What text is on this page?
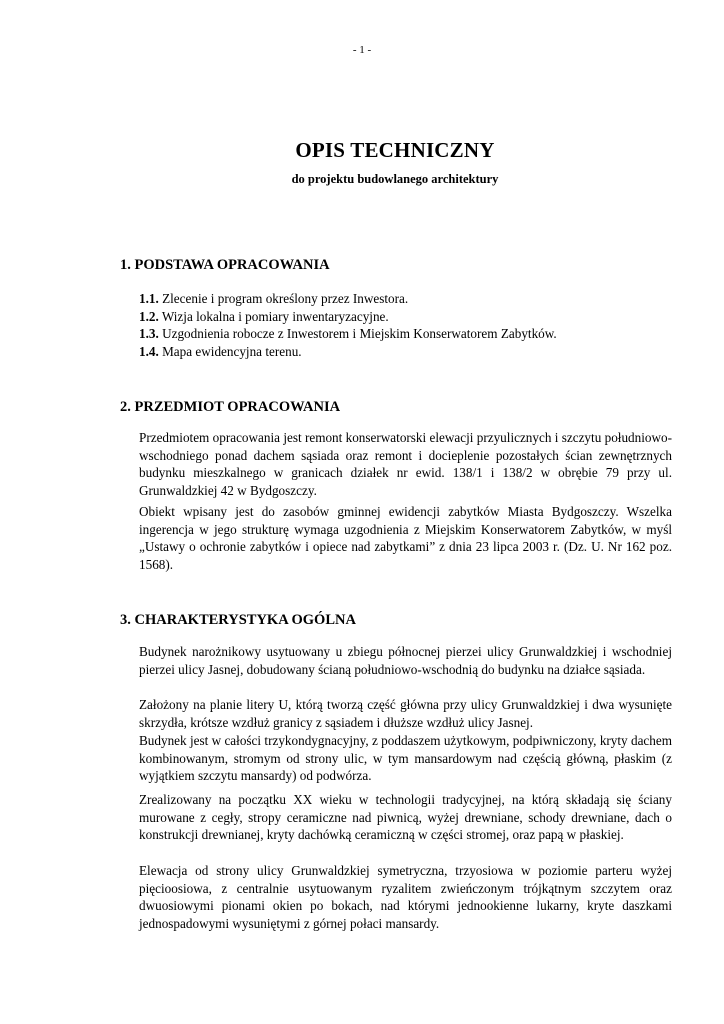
- 1 -
OPIS TECHNICZNY
do projektu budowlanego architektury
1. PODSTAWA OPRACOWANIA
1.1. Zlecenie i program określony przez Inwestora.
1.2. Wizja lokalna i pomiary inwentaryzacyjne.
1.3. Uzgodnienia robocze z Inwestorem i Miejskim Konserwatorem Zabytków.
1.4. Mapa ewidencyjna terenu.
2. PRZEDMIOT OPRACOWANIA

Przedmiotem opracowania jest remont konserwatorski elewacji przyulicznych i szczytu południowo-wschodniego ponad dachem sąsiada oraz remont i docieplenie pozostałych ścian zewnętrznych budynku mieszkalnego w granicach działek nr ewid. 138/1 i 138/2 w obrębie 79 przy ul. Grunwaldzkiej 42 w Bydgoszczy.

Obiekt wpisany jest do zasobów gminnej ewidencji zabytków Miasta Bydgoszczy. Wszelka ingerencja w jego strukturę wymaga uzgodnienia z Miejskim Konserwatorem Zabytków, w myśl „Ustawy o ochronie zabytków i opiece nad zabytkami” z dnia 23 lipca 2003 r. (Dz. U. Nr 162 poz. 1568).

3. CHARAKTERYSTYKA OGÓLNA

Budynek narożnikowy usytuowany u zbiegu północnej pierzei ulicy Grunwaldzkiej i wschodniej pierzei ulicy Jasnej, dobudowany ścianą południowo-wschodnią do budynku na działce sąsiada.

Założony na planie litery U, którą tworzą część główna przy ulicy Grunwaldzkiej i dwa wysunięte skrzydła, krótsze wzdłuż granicy z sąsiadem i dłuższe wzdłuż ulicy Jasnej.

Budynek jest w całości trzykondygnacyjny, z poddaszem użytkowym, podpiwniczony, kryty dachem kombinowanym, stromym od strony ulic, w tym mansardowym nad częścią główną, płaskim (z wyjątkiem szczytu mansardy) od podwórza.

Zrealizowany na początku XX wieku w technologii tradycyjnej, na którą składają się ściany murowane z cegły, stropy ceramiczne nad piwnicą, wyżej drewniane, schody drewniane, dach o konstrukcji drewnianej, kryty dachówką ceramiczną w części stromej, oraz papą w płaskiej.

Elewacja od strony ulicy Grunwaldzkiej symetryczna, trzyosiowa w poziomie parteru wyżej pięcioosiowa, z centralnie usytuowanym ryzalitem zwieńczonym trójkątnym szczytem oraz dwuosiowymi pionami okien po bokach, nad którymi jednookienne lukarny, kryte daszkami jednospadowymi wysuniętymi z górnej połaci mansardy.
